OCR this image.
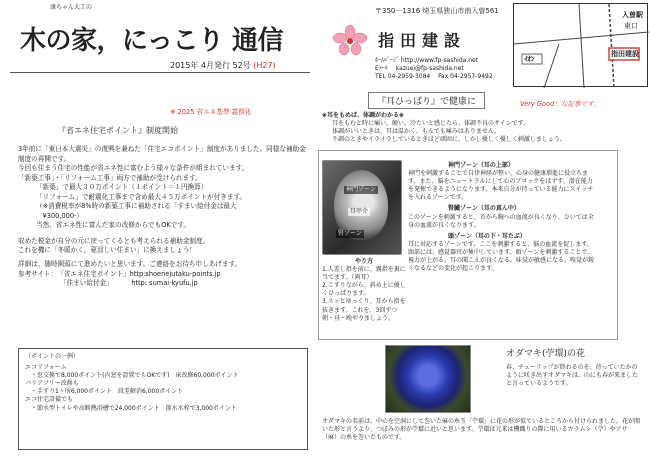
康ちゃん大工の
木の家，にっこり 通信
2015年 4月発行 52号 (H27)
〒350－1316 埼玉県狭山市南入曽561
指田建設
ﾎｰﾑﾍﾟｰｼﾞ http://www.fp-sashida.net
Eﾒｰﾙ　 kazuei@fp-sashida.net
TEL 04-2959-3084　 Fax 04-2957-9492
入曽駅
東口
指田建設
ｲｵﾝ
※ 2025 省エネ基準 義務化
『省エネ住宅ポイント』制度開始
3年前に「東日本大震災」の復興を兼ねた「住宅エコポイント」制度がありました。同様な補助金制度の再開です。
今回も住まう住宅の性能が省エネ性に富むよう様々な条件が組まれています。
「新築工事」・「リフォーム工事」両方で補助が受けられます。
「新築」で最大３０万ポイント（１ポイント＝１円換算）
「リフォーム」で耐震化工事まで含め最大４５万ポイントが付きます。
（※消費税率が8%時の新築工事に補助される「すまい給付金は最大
　¥300,000-）
当然、省エネ性に富んだ家の改修からでもOKです。
収めた税金が自分の元に戻ってくるとも考えられる補助金制度。
これを機に「冬暖かく，夏涼しい住まい」に換えましょう！
詳細は、随時園頭にて進めたいと思います。ご連絡をお待ち申しあげます。
参考サイト： 「省エネ住宅ポイント」http:shoenejutaku-points.jp
「住まい給付金」　　　 http: sumai-kyufu.jp
（ポイントの一例）
エコリフォーム
・窓交換で8,000ポイント(内窓を設置でもOKです)　床改修60,000ポイント
バリアフリー改修も
・手すり1ヶ所6,000ポイント　段差解消6,000ポイント
エコ住宅設備でも
・節水型トイレや高断熱浴槽で24,000ポイント　節水水栓で3,000ポイント
『耳ひっぱり』で健康に	Very Good！な記事です。
❀耳をもめば、体調がわかる❀
耳をもむと時に痛い，硬い，冷たいと感じたら、体調不良のサインです。
体調がいいときは、耳は温かく、もんでも痛みはありません。
不調のときやイライラしているときほど頑固に、しかし優しく優しく刺激しましょう。
神門ゾーン
耳甲介
腎ゾーン
やり方
1.人差し指を前に、親指を裏に当てます。（両耳）
2.こすりながら、斜め上に優しくひっぱります。
3.スッとゆっくり、耳から指を抜きます。これを、3回ずつ朝・昼・晩やりましょう。
神門ゾーン（耳の上部）
神門を刺激することで自律神経が整い、心身の健康増進に役立ちます。また、脳をニュートラルにして心のブロックをはずす、潜在能力を発揮できるようになります。本来自分が持っている能力にスイッチを入れるゾーンです。
腎臓ゾーン（耳の真ん中）
このゾーンを刺激すると、首から胸への血流が良くなり、ひいては全身の血流が良くなります。
頭ゾーン（耳の下・耳たぶ）
耳に対応するゾーンです。ここを刺激すると、脳の血流を促します。頭部には、感覚器官が集中しています。頭ゾーンを刺激することで、視力が上がる。耳の聞こえが良くなる。味覚が敏感になる。嗅覚が鋭くなるなどの変化が起こります。
オダマキ(苧環)の花
春、チューリップが終わるのを、待っていたかのように咲き出すオダマキは、山にも春が来ました と言っているようです。
オダマキの名前は、中心を空洞にして巻いた麻の糸玉「苧環」に花の形が似ているところから付けられました。花が開いた形と言うより、つぼみの形が苧環に近いと思います。苧環は元来は機織りの際に用いるカラムシ（苧）やアサ（麻）の糸を巻いたものです。
